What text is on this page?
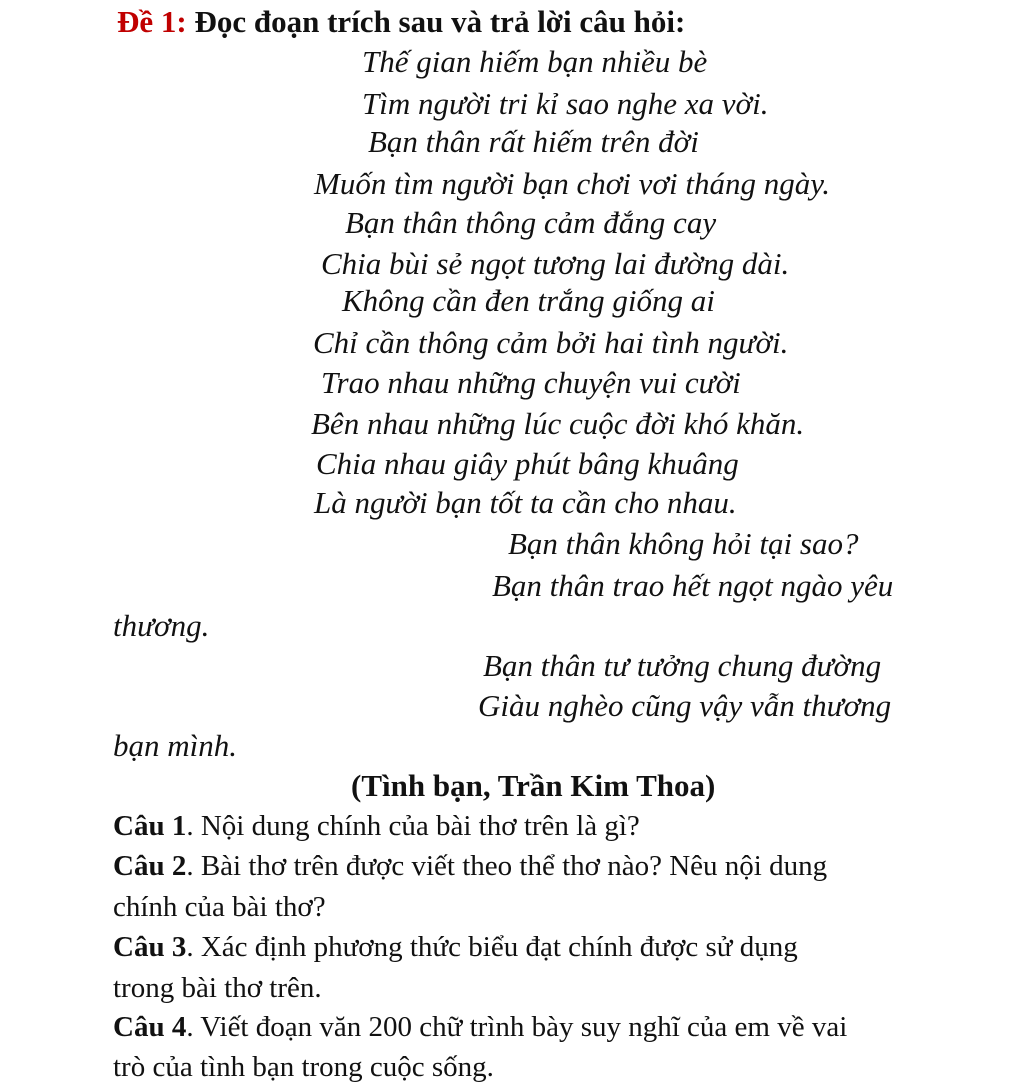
Đề 1: Đọc đoạn trích sau và trả lời câu hỏi:
Thế gian hiếm bạn nhiều bè
Tìm người tri kỉ sao nghe xa vời.
Bạn thân rất hiếm trên đời
Muốn tìm người bạn chơi vơi tháng ngày.
Bạn thân thông cảm đắng cay
Chia bùi sẻ ngọt tương lai đường dài.
Không cần đen trắng giống ai
Chỉ cần thông cảm bởi hai tình người.
Trao nhau những chuyện vui cười
Bên nhau những lúc cuộc đời khó khăn.
Chia nhau giây phút bâng khuâng
Là người bạn tốt ta cần cho nhau.
Bạn thân không hỏi tại sao?
Bạn thân trao hết ngọt ngào yêu
thương.
Bạn thân tư tưởng chung đường
Giàu nghèo cũng vậy vẫn thương
bạn mình.
(Tình bạn, Trần Kim Thoa)
Câu 1. Nội dung chính của bài thơ trên là gì?
Câu 2. Bài thơ trên được viết theo thể thơ nào? Nêu nội dung
chính của bài thơ?
Câu 3. Xác định phương thức biểu đạt chính được sử dụng
trong bài thơ trên.
Câu 4. Viết đoạn văn 200 chữ trình bày suy nghĩ của em về vai
trò của tình bạn trong cuộc sống.
